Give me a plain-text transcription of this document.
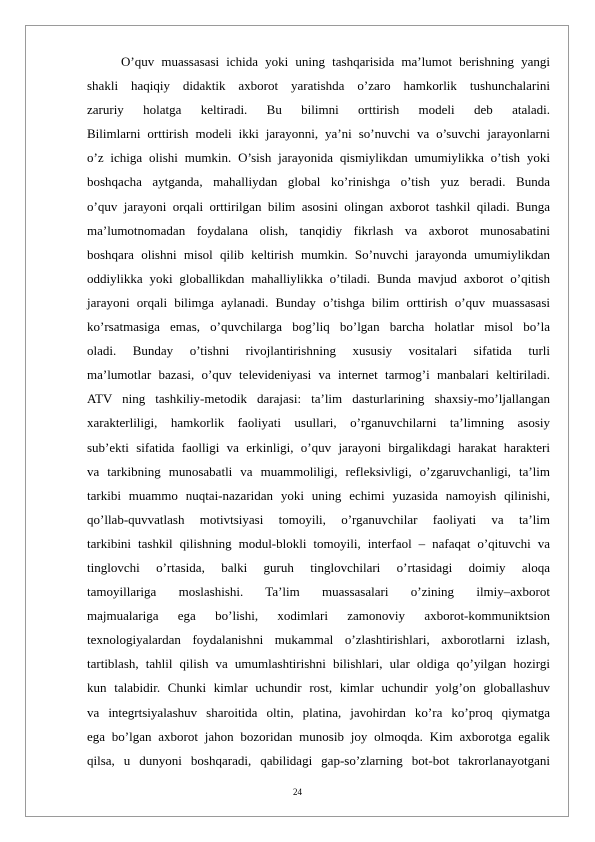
O’quv muassasasi ichida yoki uning tashqarisida ma’lumot berishning yangi
shakli haqiqiy didaktik axborot yaratishda o’zaro hamkorlik tushunchalarini
zaruriy holatga keltiradi. Bu bilimni orttirish modeli deb ataladi.
Bilimlarni orttirish modeli ikki jarayonni, ya’ni so’nuvchi va o’suvchi jarayonlarni
o’z ichiga olishi mumkin. O’sish jarayonida qismiylikdan umumiylikka o’tish yoki
boshqacha aytganda, mahalliydan global ko’rinishga o’tish yuz beradi. Bunda
o’quv jarayoni orqali orttirilgan bilim asosini olingan axborot tashkil qiladi. Bunga
ma’lumotnomadan foydalana olish, tanqidiy fikrlash va axborot munosabatini
boshqara olishni misol qilib keltirish mumkin. So’nuvchi jarayonda umumiylikdan
oddiylikka yoki globallikdan mahalliylikka o’tiladi. Bunda mavjud axborot o’qitish
jarayoni orqali bilimga aylanadi. Bunday o’tishga bilim orttirish o’quv muassasasi
ko’rsatmasiga emas, o’quvchilarga bog’liq bo’lgan barcha holatlar misol bo’la
oladi. Bunday o’tishni rivojlantirishning xususiy vositalari sifatida turli
ma’lumotlar bazasi, o’quv televideniyasi va internet tarmog’i manbalari keltiriladi.
ATV ning tashkiliy-metodik darajasi: ta’lim dasturlarining shaxsiy-mo’ljallangan
xarakterliligi, hamkorlik faoliyati usullari, o’rganuvchilarni ta’limning asosiy
sub’ekti sifatida faolligi va erkinligi, o’quv jarayoni birgalikdagi harakat harakteri
va tarkibning munosabatli va muammoliligi, refleksivligi, o’zgaruvchanligi, ta’lim
tarkibi muammo nuqtai-nazaridan yoki uning echimi yuzasida namoyish qilinishi,
qo’llab-quvvatlash motivtsiyasi tomoyili, o’rganuvchilar faoliyati va ta’lim
tarkibini tashkil qilishning modul-blokli tomoyili, interfaol – nafaqat o’qituvchi va
tinglovchi o’rtasida, balki guruh tinglovchilari o’rtasidagi doimiy aloqa
tamoyillariga moslashishi. Ta’lim muassasalari o’zining ilmiy–axborot
majmualariga ega bo’lishi, xodimlari zamonoviy axborot-kommuniktsion
texnologiyalardan foydalanishni mukammal o’zlashtirishlari, axborotlarni izlash,
tartiblash, tahlil qilish va umumlashtirishni bilishlari, ular oldiga qo’yilgan hozirgi
kun talabidir. Chunki kimlar uchundir rost, kimlar uchundir yolg’on globallashuv
va integrtsiyalashuv sharoitida oltin, platina, javohirdan ko’ra ko’proq qiymatga
ega bo’lgan axborot jahon bozoridan munosib joy olmoqda. Kim axborotga egalik
qilsa, u dunyoni boshqaradi, qabilidagi gap-so’zlarning bot-bot takrorlanayotgani
24
